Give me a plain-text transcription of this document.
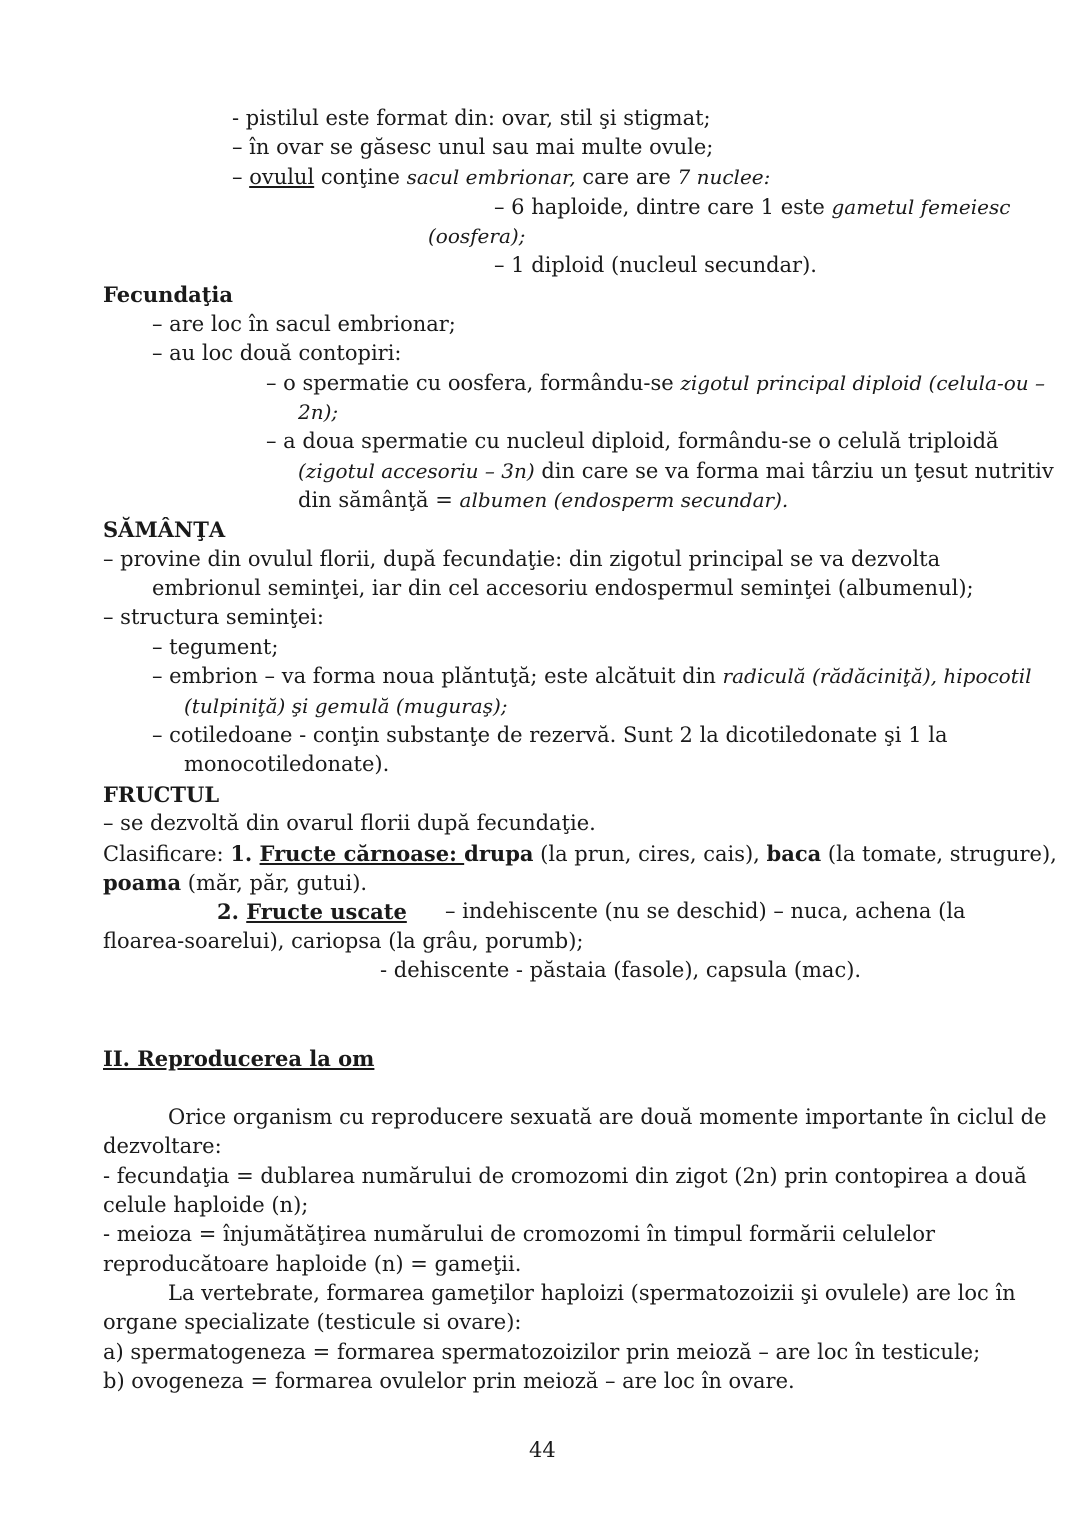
- pistilul este format din: ovar, stil şi stigmat;
– în ovar se găsesc unul sau mai multe ovule;
– ovulul conţine sacul embrionar, care are 7 nuclee:
– 6 haploide, dintre care 1 este gametul femeiesc
(oosfera);
– 1 diploid (nucleul secundar).
Fecundaţia
– are loc în sacul embrionar;
– au loc două contopiri:
– o spermatie cu oosfera, formându-se zigotul principal diploid (celula-ou –
2n);
– a doua spermatie cu nucleul diploid, formându-se o celulă triploidă
(zigotul accesoriu – 3n) din care se va forma mai târziu un ţesut nutritiv
din sămânţă = albumen (endosperm secundar).
SĂMÂNŢA
– provine din ovulul florii, după fecundaţie: din zigotul principal se va dezvolta
embrionul seminţei, iar din cel accesoriu endospermul seminţei (albumenul);
– structura seminţei:
– tegument;
– embrion – va forma noua plăntuţă; este alcătuit din radiculă (rădăciniţă), hipocotil
(tulpiniţă) şi gemulă (muguraş);
– cotiledoane - conţin substanţe de rezervă. Sunt 2 la dicotiledonate şi 1 la
monocotiledonate).
FRUCTUL
– se dezvoltă din ovarul florii după fecundaţie.
Clasificare: 1. Fructe cărnoase: drupa (la prun, cires, cais), baca (la tomate, strugure),
poama (măr, păr, gutui).
2. Fructe uscate	– indehiscente (nu se deschid) – nuca, achena (la
floarea-soarelui), cariopsa (la grâu, porumb);
- dehiscente - păstaia (fasole), capsula (mac).
II. Reproducerea la om
Orice organism cu reproducere sexuată are două momente importante în ciclul de
dezvoltare:
- fecundaţia = dublarea numărului de cromozomi din zigot (2n) prin contopirea a două
celule haploide (n);
- meioza = înjumătăţirea numărului de cromozomi în timpul formării celulelor
reproducătoare haploide (n) = gameţii.
La vertebrate, formarea gameţilor haploizi (spermatozoizii şi ovulele) are loc în
organe specializate (testicule si ovare):
a) spermatogeneza = formarea spermatozoizilor prin meioză – are loc în testicule;
b) ovogeneza = formarea ovulelor prin meioză – are loc în ovare.
44
